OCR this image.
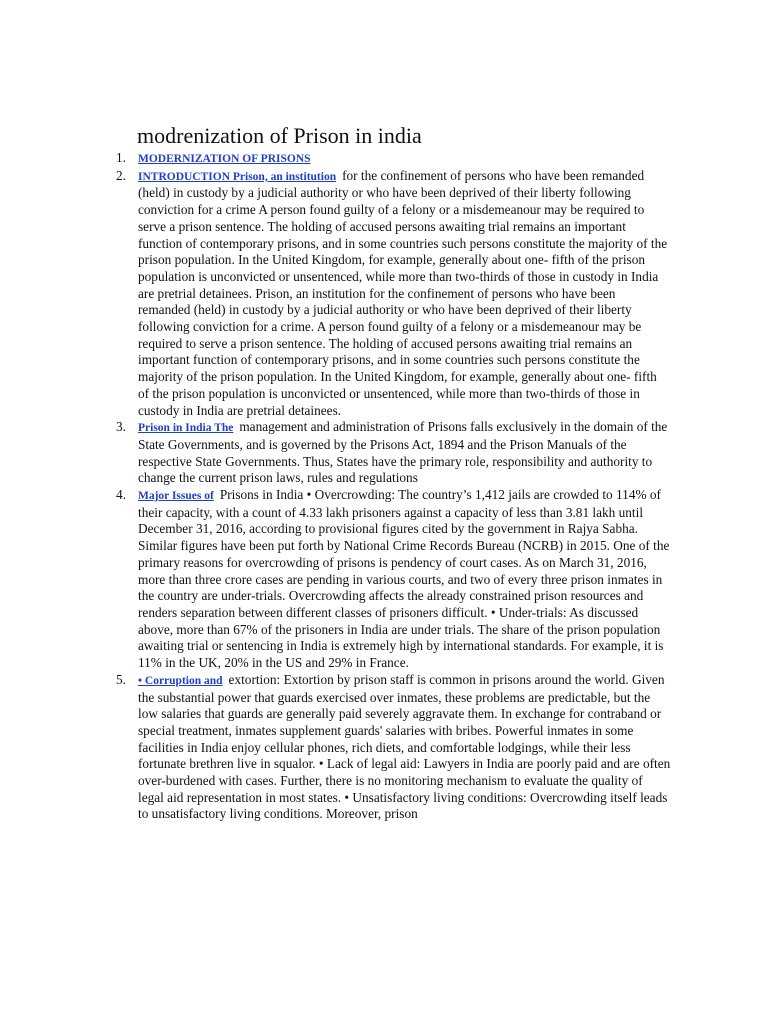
modrenization of Prison in india
1. MODERNIZATION OF PRISONS
2. INTRODUCTION Prison, an institution for the confinement of persons who have been remanded (held) in custody by a judicial authority or who have been deprived of their liberty following conviction for a crime A person found guilty of a felony or a misdemeanour may be required to serve a prison sentence. The holding of accused persons awaiting trial remains an important function of contemporary prisons, and in some countries such persons constitute the majority of the prison population. In the United Kingdom, for example, generally about one- fifth of the prison population is unconvicted or unsentenced, while more than two-thirds of those in custody in India are pretrial detainees. Prison, an institution for the confinement of persons who have been remanded (held) in custody by a judicial authority or who have been deprived of their liberty following conviction for a crime. A person found guilty of a felony or a misdemeanour may be required to serve a prison sentence. The holding of accused persons awaiting trial remains an important function of contemporary prisons, and in some countries such persons constitute the majority of the prison population. In the United Kingdom, for example, generally about one- fifth of the prison population is unconvicted or unsentenced, while more than two-thirds of those in custody in India are pretrial detainees.
3. Prison in India The management and administration of Prisons falls exclusively in the domain of the State Governments, and is governed by the Prisons Act, 1894 and the Prison Manuals of the respective State Governments. Thus, States have the primary role, responsibility and authority to change the current prison laws, rules and regulations
4. Major Issues of Prisons in India • Overcrowding: The country’s 1,412 jails are crowded to 114% of their capacity, with a count of 4.33 lakh prisoners against a capacity of less than 3.81 lakh until December 31, 2016, according to provisional figures cited by the government in Rajya Sabha. Similar figures have been put forth by National Crime Records Bureau (NCRB) in 2015. One of the primary reasons for overcrowding of prisons is pendency of court cases. As on March 31, 2016, more than three crore cases are pending in various courts, and two of every three prison inmates in the country are under-trials. Overcrowding affects the already constrained prison resources and renders separation between different classes of prisoners difficult. • Under-trials: As discussed above, more than 67% of the prisoners in India are under trials. The share of the prison population awaiting trial or sentencing in India is extremely high by international standards. For example, it is 11% in the UK, 20% in the US and 29% in France.
5. • Corruption and extortion: Extortion by prison staff is common in prisons around the world. Given the substantial power that guards exercised over inmates, these problems are predictable, but the low salaries that guards are generally paid severely aggravate them. In exchange for contraband or special treatment, inmates supplement guards' salaries with bribes. Powerful inmates in some facilities in India enjoy cellular phones, rich diets, and comfortable lodgings, while their less fortunate brethren live in squalor. • Lack of legal aid: Lawyers in India are poorly paid and are often over-burdened with cases. Further, there is no monitoring mechanism to evaluate the quality of legal aid representation in most states. • Unsatisfactory living conditions: Overcrowding itself leads to unsatisfactory living conditions. Moreover, prison
